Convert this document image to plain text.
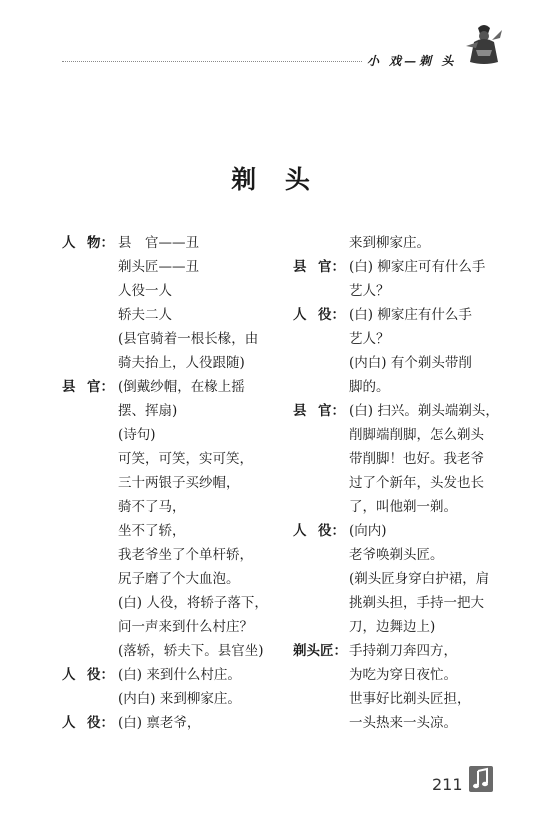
小 戏—剃 头
剃 头
人 物： 县　官——丑
剃头匠——丑
人役一人
轿夫二人
(县官骑着一根长椽，由
骑夫抬上，人役跟随)
县 官： (倒戴纱帽，在椽上摇
摆、挥扇)
(诗句)
可笑，可笑，实可笑，
三十两银子买纱帽，
骑不了马，
坐不了轿，
我老爷坐了个单杆轿，
尻子磨了个大血泡。
(白) 人役，将轿子落下，
问一声来到什么村庄？
(落轿，轿夫下。县官坐)
人 役： (白) 来到什么村庄。
(内白) 来到柳家庄。
人 役： (白) 禀老爷，
来到柳家庄。
县 官： (白) 柳家庄可有什么手
艺人？
人 役： (白) 柳家庄有什么手
艺人？
(内白) 有个剃头带削
脚的。
县 官： (白) 扫兴。剃头端剃头，
削脚端削脚，怎么剃头
带削脚！也好。我老爷
过了个新年，头发也长
了，叫他剃一剃。
人 役： (向内)
老爷唤剃头匠。
(剃头匠身穿白护裙，肩
挑剃头担，手持一把大
刀，边舞边上)
剃头匠： 手持剃刀奔四方，
为吃为穿日夜忙。
世事好比剃头匠担，
一头热来一头凉。
211
